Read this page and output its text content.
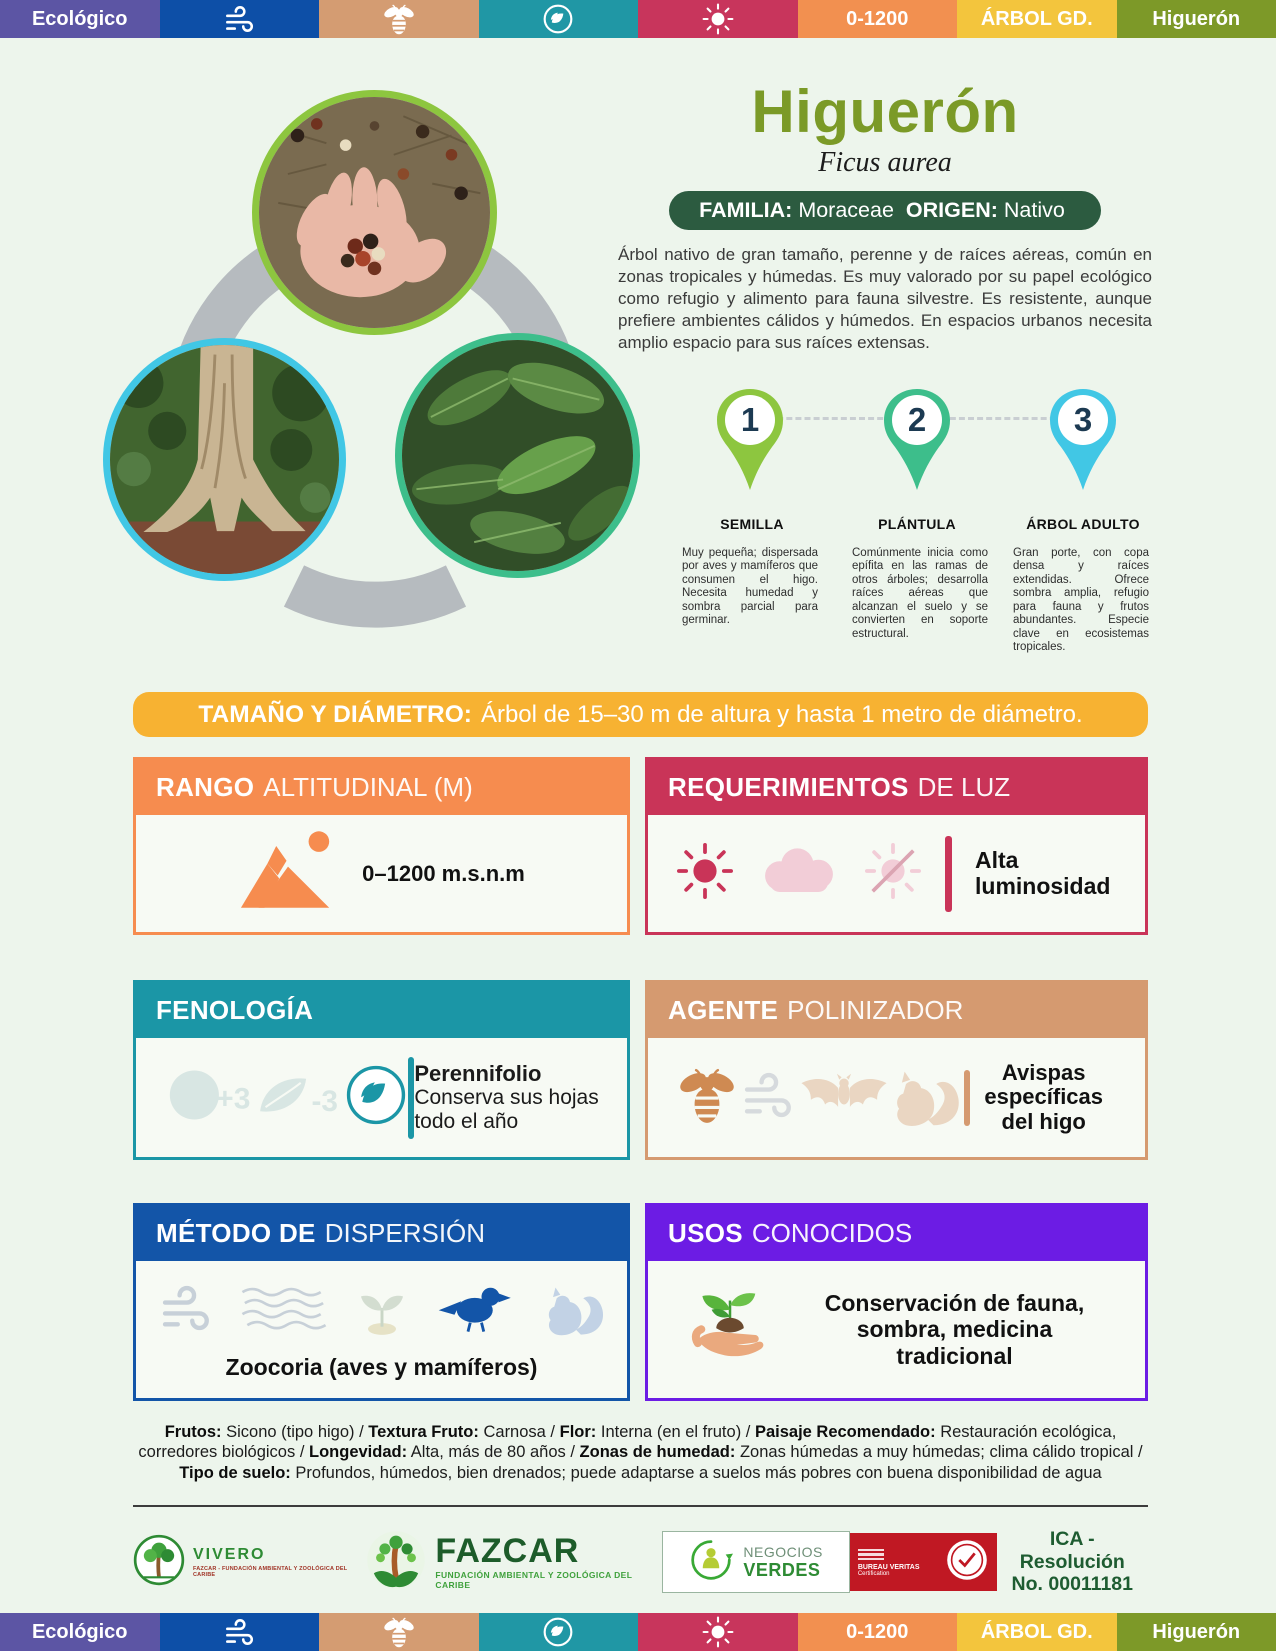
Ecológico	0-1200	ÁRBOL GD.	Higuerón
Higuerón
Ficus aurea
FAMILIA: Moraceae ORIGEN: Nativo
Árbol nativo de gran tamaño, perenne y de raíces aéreas, común en zonas tropicales y húmedas. Es muy valorado por su papel ecológico como refugio y alimento para fauna silvestre. Es resistente, aunque prefiere ambientes cálidos y húmedos. En espacios urbanos necesita amplio espacio para sus raíces extensas.
1	2	3
SEMILLA	PLÁNTULA	ÁRBOL ADULTO
Muy pequeña; dispersada por aves y mamíferos que consumen el higo. Necesita humedad y sombra parcial para germinar.
Comúnmente inicia como epífita en las ramas de otros árboles; desarrolla raíces aéreas que alcanzan el suelo y se convierten en soporte estructural.
Gran porte, con copa densa y raíces extendidas. Ofrece sombra amplia, refugio para fauna y frutos abundantes. Especie clave en ecosistemas tropicales.
TAMAÑO Y DIÁMETRO: Árbol de 15–30 m de altura y hasta 1 metro de diámetro.
RANGO ALTITUDINAL (M)
0–1200 m.s.n.m
REQUERIMIENTOS DE LUZ
Alta luminosidad
FENOLOGÍA
+3	-3
Perennifolio
Conserva sus hojas todo el año
AGENTE POLINIZADOR
Avispas específicas del higo
MÉTODO DE DISPERSIÓN
Zoocoria (aves y mamíferos)
USOS CONOCIDOS
Conservación de fauna, sombra, medicina tradicional
Frutos: Sicono (tipo higo) / Textura Fruto: Carnosa / Flor: Interna (en el fruto) / Paisaje Recomendado: Restauración ecológica, corredores biológicos / Longevidad: Alta, más de 80 años / Zonas de humedad: Zonas húmedas a muy húmedas; clima cálido tropical / Tipo de suelo: Profundos, húmedos, bien drenados; puede adaptarse a suelos más pobres con buena disponibilidad de agua
VIVERO
FAZCAR - FUNDACIÓN AMBIENTAL Y ZOOLÓGICA DEL CARIBE
FAZCAR
FUNDACIÓN AMBIENTAL Y ZOOLÓGICA DEL CARIBE
NEGOCIOS
VERDES	BUREAU VERITAS
Certification
ICA - Resolución
No. 00011181
Ecológico	0-1200	ÁRBOL GD.	Higuerón
